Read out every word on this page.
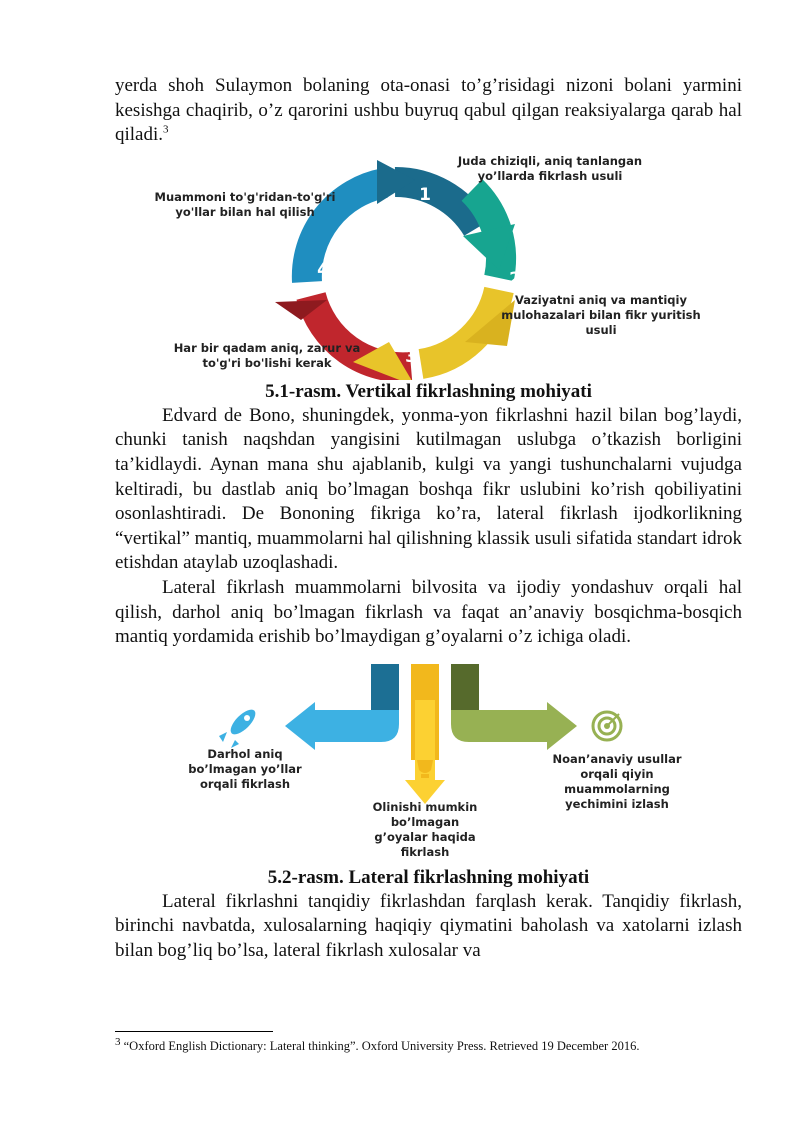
yerda shoh Sulaymon bolaning ota-onasi to’g’risidagi nizoni bolani yarmini kesishga chaqirib, o’z qarorini ushbu buyruq qabul qilgan reaksiyalarga qarab hal qiladi.$^3$

1
2
3
4
Juda chiziqli, aniq tanlangan yo’llarda fikrlash usuli
Vaziyatni aniq va mantiqiy mulohazalari bilan fikr yuritish usuli
Har bir qadam aniq, zarur va to'g'ri bo'lishi kerak
Muammoni to'g'ridan-to'g'ri yo'llar bilan hal qilish

5.1-rasm. Vertikal fikrlashning mohiyati

Edvard de Bono, shuningdek, yonma-yon fikrlashni hazil bilan bog’laydi, chunki tanish naqshdan yangisini kutilmagan uslubga o’tkazish borligini ta’kidlaydi. Aynan mana shu ajablanib, kulgi va yangi tushunchalarni vujudga keltiradi, bu dastlab aniq bo’lmagan boshqa fikr uslubini ko’rish qobiliyatini osonlashtiradi. De Bononing fikriga ko’ra, lateral fikrlash ijodkorlikning “vertikal” mantiq, muammolarni hal qilishning klassik usuli sifatida standart idrok etishdan ataylab uzoqlashadi.

Lateral fikrlash muammolarni bilvosita va ijodiy yondashuv orqali hal qilish, darhol aniq bo’lmagan fikrlash va faqat an’anaviy bosqichma-bosqich mantiq yordamida erishib bo’lmaydigan g’oyalarni o’z ichiga oladi.

Darhol aniq bo’lmagan yo’llar orqali fikrlash
Olinishi mumkin bo’lmagan g’oyalar haqida fikrlash
Noan’anaviy usullar orqali qiyin muammolarning yechimini izlash

5.2-rasm. Lateral fikrlashning mohiyati

Lateral fikrlashni tanqidiy fikrlashdan farqlash kerak. Tanqidiy fikrlash, birinchi navbatda, xulosalarning haqiqiy qiymatini baholash va xatolarni izlash bilan bog’liq bo’lsa, lateral fikrlash xulosalar va

$^3$ “Oxford English Dictionary: Lateral thinking”. Oxford University Press. Retrieved 19 December 2016.
